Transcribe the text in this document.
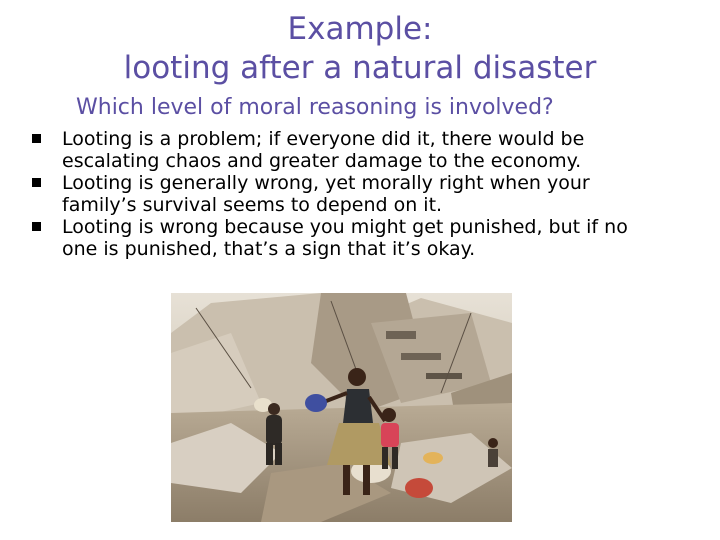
Example:
looting after a natural disaster
Which level of moral reasoning is involved?
Looting is a problem; if everyone did it, there would be
escalating chaos and greater damage to the economy.
Looting is generally wrong, yet morally right when your
family’s survival seems to depend on it.
Looting is wrong because you might get punished, but if no
one is punished, that’s a sign that it’s okay.
